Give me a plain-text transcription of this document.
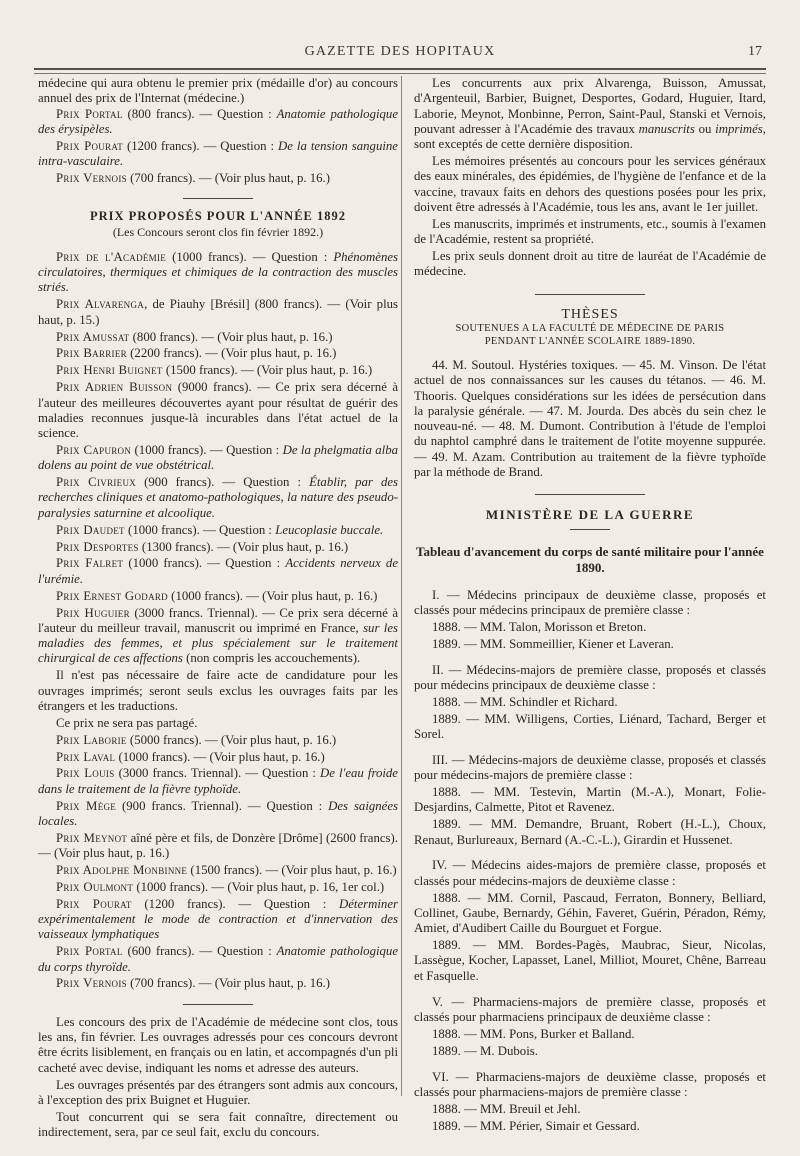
GAZETTE DES HOPITAUX	17

médecine qui aura obtenu le premier prix (médaille d'or) au concours annuel des prix de l'Internat (médecine.)

Prix Portal (800 francs). — Question : Anatomie pathologique des érysipèles.

Prix Pourat (1200 francs). — Question : De la tension sanguine intra-vasculaire.

Prix Vernois (700 francs). — (Voir plus haut, p. 16.)

PRIX PROPOSÉS POUR L'ANNÉE 1892

(Les Concours seront clos fin février 1892.)

Prix de l'Académie (1000 francs). — Question : Phénomènes circulatoires, thermiques et chimiques de la contraction des muscles striés.

Prix Alvarenga, de Piauhy [Brésil] (800 francs). — (Voir plus haut, p. 15.)

Prix Amussat (800 francs). — (Voir plus haut, p. 16.)

Prix Barrier (2200 francs). — (Voir plus haut, p. 16.)

Prix Henri Buignet (1500 francs). — (Voir plus haut, p. 16.)

Prix Adrien Buisson (9000 francs). — Ce prix sera décerné à l'auteur des meilleures découvertes ayant pour résultat de guérir des maladies reconnues jusque-là incurables dans l'état actuel de la science.

Prix Capuron (1000 francs). — Question : De la phelgmatia alba dolens au point de vue obstétrical.

Prix Civrieux (900 francs). — Question : Établir, par des recherches cliniques et anatomo-pathologiques, la nature des pseudo-paralysies saturnine et alcoolique.

Prix Daudet (1000 francs). — Question : Leucoplasie buccale.

Prix Desportes (1300 francs). — (Voir plus haut, p. 16.)

Prix Falret (1000 francs). — Question : Accidents nerveux de l'urémie.

Prix Ernest Godard (1000 francs). — (Voir plus haut, p. 16.)

Prix Huguier (3000 francs. Triennal). — Ce prix sera décerné à l'auteur du meilleur travail, manuscrit ou imprimé en France, sur les maladies des femmes, et plus spécialement sur le traitement chirurgical de ces affections (non compris les accouchements).

Il n'est pas nécessaire de faire acte de candidature pour les ouvrages imprimés; seront seuls exclus les ouvrages faits par les étrangers et les traductions.

Ce prix ne sera pas partagé.

Prix Laborie (5000 francs). — (Voir plus haut, p. 16.)

Prix Laval (1000 francs). — (Voir plus haut, p. 16.)

Prix Louis (3000 francs. Triennal). — Question : De l'eau froide dans le traitement de la fièvre typhoïde.

Prix Mège (900 francs. Triennal). — Question : Des saignées locales.

Prix Meynot aîné père et fils, de Donzère [Drôme] (2600 francs). — (Voir plus haut, p. 16.)

Prix Adolphe Monbinne (1500 francs). — (Voir plus haut, p. 16.)

Prix Oulmont (1000 francs). — (Voir plus haut, p. 16, 1er col.)

Prix Pourat (1200 francs). — Question : Déterminer expérimentalement le mode de contraction et d'innervation des vaisseaux lymphatiques

Prix Portal (600 francs). — Question : Anatomie pathologique du corps thyroïde.

Prix Vernois (700 francs). — (Voir plus haut, p. 16.)

Les concours des prix de l'Académie de médecine sont clos, tous les ans, fin février. Les ouvrages adressés pour ces concours devront être écrits lisiblement, en français ou en latin, et accompagnés d'un pli cacheté avec devise, indiquant les noms et adresse des auteurs.

Les ouvrages présentés par des étrangers sont admis aux concours, à l'exception des prix Buignet et Huguier.

Tout concurrent qui se sera fait connaître, directement ou indirectement, sera, par ce seul fait, exclu du concours.

Les concurrents aux prix Alvarenga, Buisson, Amussat, d'Argenteuil, Barbier, Buignet, Desportes, Godard, Huguier, Itard, Laborie, Meynot, Monbinne, Perron, Saint-Paul, Stanski et Vernois, pouvant adresser à l'Académie des travaux manuscrits ou imprimés, sont exceptés de cette dernière disposition.

Les mémoires présentés au concours pour les services généraux des eaux minérales, des épidémies, de l'hygiène de l'enfance et de la vaccine, travaux faits en dehors des questions posées pour les prix, doivent être adressés à l'Académie, tous les ans, avant le 1er juillet.

Les manuscrits, imprimés et instruments, etc., soumis à l'examen de l'Académie, restent sa propriété.

Les prix seuls donnent droit au titre de lauréat de l'Académie de médecine.

THÈSES

SOUTENUES A LA FACULTÉ DE MÉDECINE DE PARIS
PENDANT L'ANNÉE SCOLAIRE 1889-1890.

44. M. Soutoul. Hystéries toxiques. — 45. M. Vinson. De l'état actuel de nos connaissances sur les causes du tétanos. — 46. M. Thooris. Quelques considérations sur les idées de persécution dans la paralysie générale. — 47. M. Jourda. Des abcès du sein chez le nouveau-né. — 48. M. Dumont. Contribution à l'étude de l'emploi du naphtol camphré dans le traitement de l'otite moyenne suppurée. — 49. M. Azam. Contribution au traitement de la fièvre typhoïde par la méthode de Brand.

MINISTÈRE DE LA GUERRE

Tableau d'avancement du corps de santé militaire pour l'année 1890.

I. — Médecins principaux de deuxième classe, proposés et classés pour médecins principaux de première classe :

1888. — MM. Talon, Morisson et Breton.

1889. — MM. Sommeillier, Kiener et Laveran.

II. — Médecins-majors de première classe, proposés et classés pour médecins principaux de deuxième classe :

1888. — MM. Schindler et Richard.

1889. — MM. Willigens, Corties, Liénard, Tachard, Berger et Sorel.

III. — Médecins-majors de deuxième classe, proposés et classés pour médecins-majors de première classe :

1888. — MM. Testevin, Martin (M.-A.), Monart, Folie-Desjardins, Calmette, Pitot et Ravenez.

1889. — MM. Demandre, Bruant, Robert (H.-L.), Choux, Renaut, Burlureaux, Bernard (A.-C.-L.), Girardin et Hussenet.

IV. — Médecins aides-majors de première classe, proposés et classés pour médecins-majors de deuxième classe :

1888. — MM. Cornil, Pascaud, Ferraton, Bonnery, Belliard, Collinet, Gaube, Bernardy, Géhin, Faveret, Guérin, Péradon, Rémy, Amiet, d'Audibert Caille du Bourguet et Forgue.

1889. — MM. Bordes-Pagès, Maubrac, Sieur, Nicolas, Lassègue, Kocher, Lapasset, Lanel, Milliot, Mouret, Chêne, Barreau et Fasquelle.

V. — Pharmaciens-majors de première classe, proposés et classés pour pharmaciens principaux de deuxième classe :

1888. — MM. Pons, Burker et Balland.

1889. — M. Dubois.

VI. — Pharmaciens-majors de deuxième classe, proposés et classés pour pharmaciens-majors de première classe :

1888. — MM. Breuil et Jehl.

1889. — MM. Périer, Simair et Gessard.
